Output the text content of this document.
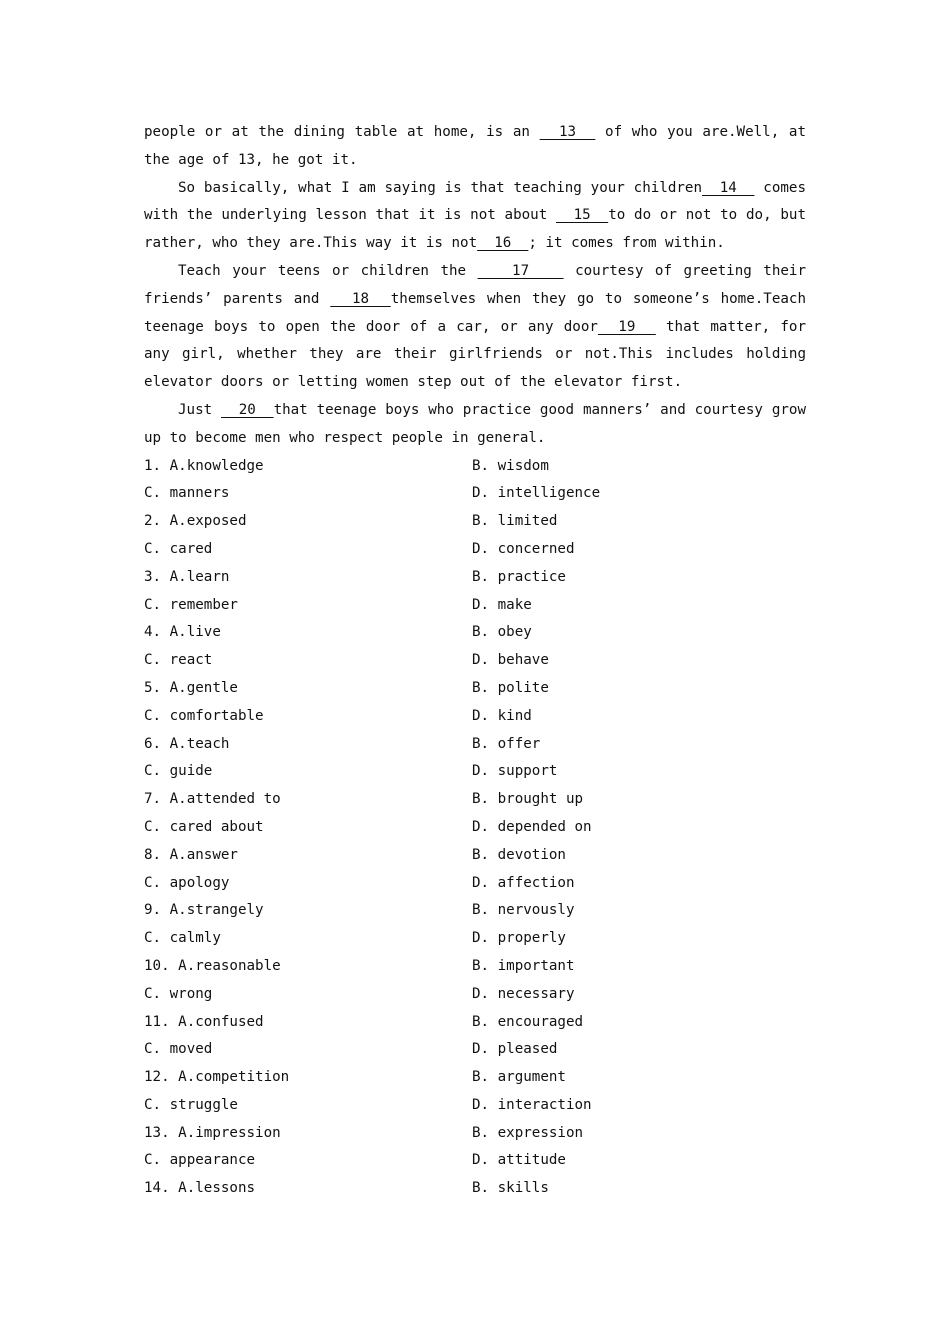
people or at the dining table at home, is an   13   of who you are.Well, at the age of 13, he got it.

So basically, what I am saying is that teaching your children  14   comes with the underlying lesson that it is not about   15  to do or not to do, but rather, who they are.This way it is not  16  ; it comes from within.

Teach your teens or children the    17    courtesy of greeting their friends’ parents and   18  themselves when they go to someone’s home.Teach teenage boys to open the door of a car, or any door  19   that matter, for any girl, whether they are their girlfriends or not.This includes holding elevator doors or letting women step out of the elevator first.

Just   20  that teenage boys who practice good manners’ and courtesy grow up to become men who respect people in general.

1. A.knowledge	B. wisdom
C. manners	D. intelligence
2. A.exposed	B. limited
C. cared	D. concerned
3. A.learn	B. practice
C. remember	D. make
4. A.live	B. obey
C. react	D. behave
5. A.gentle	B. polite
C. comfortable	D. kind
6. A.teach	B. offer
C. guide	D. support
7. A.attended to	B. brought up
C. cared about	D. depended on
8. A.answer	B. devotion
C. apology	D. affection
9. A.strangely	B. nervously
C. calmly	D. properly
10. A.reasonable	B. important
C. wrong	D. necessary
11. A.confused	B. encouraged
C. moved	D. pleased
12. A.competition	B. argument
C. struggle	D. interaction
13. A.impression	B. expression
C. appearance	D. attitude
14. A.lessons	B. skills
